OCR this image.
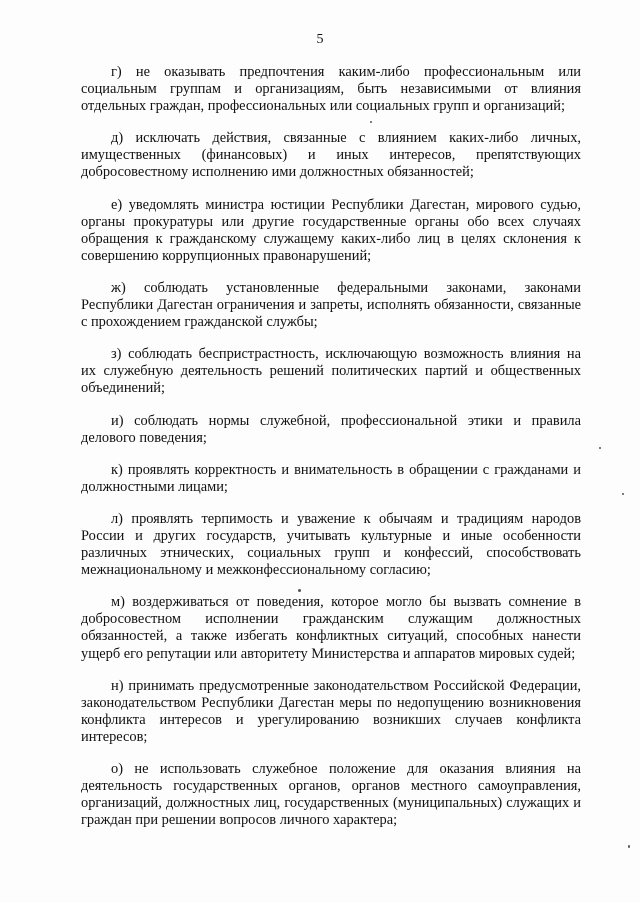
5

г) не оказывать предпочтения каким-либо профессиональным или социальным группам и организациям, быть независимыми от влияния отдельных граждан, профессиональных или социальных групп и организаций;

д) исключать действия, связанные с влиянием каких-либо личных, имущественных (финансовых) и иных интересов, препятствующих добросовестному исполнению ими должностных обязанностей;

е) уведомлять министра юстиции Республики Дагестан, мирового судью, органы прокуратуры или другие государственные органы обо всех случаях обращения к гражданскому служащему каких-либо лиц в целях склонения к совершению коррупционных правонарушений;

ж) соблюдать установленные федеральными законами, законами Республики Дагестан ограничения и запреты, исполнять обязанности, связанные с прохождением гражданской службы;

з) соблюдать беспристрастность, исключающую возможность влияния на их служебную деятельность решений политических партий и общественных объединений;

и) соблюдать нормы служебной, профессиональной этики и правила делового поведения;

к) проявлять корректность и внимательность в обращении с гражданами и должностными лицами;

л) проявлять терпимость и уважение к обычаям и традициям народов России и других государств, учитывать культурные и иные особенности различных этнических, социальных групп и конфессий, способствовать межнациональному и межконфессиональному согласию;

м) воздерживаться от поведения, которое могло бы вызвать сомнение в добросовестном исполнении гражданским служащим должностных обязанностей, а также избегать конфликтных ситуаций, способных нанести ущерб его репутации или авторитету Министерства и аппаратов мировых судей;

н) принимать предусмотренные законодательством Российской Федерации, законодательством Республики Дагестан меры по недопущению возникновения конфликта интересов и урегулированию возникших случаев конфликта интересов;

о) не использовать служебное положение для оказания влияния на деятельность государственных органов, органов местного самоуправления, организаций, должностных лиц, государственных (муниципальных) служащих и граждан при решении вопросов личного характера;
